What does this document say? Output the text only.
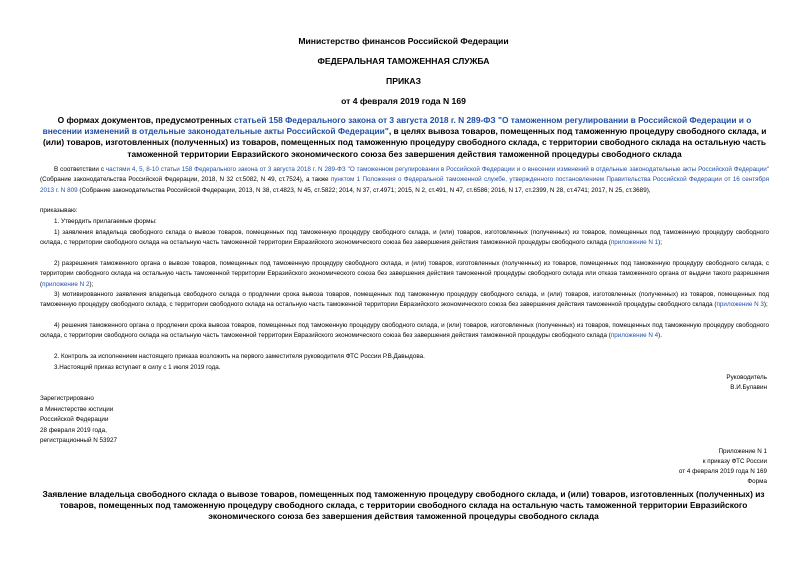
Министерство финансов Российской Федерации
ФЕДЕРАЛЬНАЯ ТАМОЖЕННАЯ СЛУЖБА
ПРИКАЗ
от 4 февраля 2019 года N 169
О формах документов, предусмотренных статьей 158 Федерального закона от 3 августа 2018 г. N 289-ФЗ "О таможенном регулировании в Российской Федерации и о внесении изменений в отдельные законодательные акты Российской Федерации", в целях вывоза товаров, помещенных под таможенную процедуру свободного склада, и (или) товаров, изготовленных (полученных) из товаров, помещенных под таможенную процедуру свободного склада, с территории свободного склада на остальную часть таможенной территории Евразийского экономического союза без завершения действия таможенной процедуры свободного склада
В соответствии с частями 4, 5, 8-10 статьи 158 Федерального закона от 3 августа 2018 г. N 289-ФЗ "О таможенном регулировании в Российской Федерации и о внесении изменений в отдельные законодательные акты Российской Федерации" (Собрание законодательства Российской Федерации, 2018, N 32 ст.5082, N 49, ст.7524), а также пунктом 1 Положения о Федеральной таможенной службе, утвержденного постановлением Правительства Российской Федерации от 16 сентября 2013 г. N 809 (Собрание законодательства Российской Федерации, 2013, N 38, ст.4823, N 45, ст.5822; 2014, N 37, ст.4971; 2015, N 2, ст.491, N 47, ст.6586; 2016, N 17, ст.2399, N 28, ст.4741; 2017, N 25, ст.3689),
приказываю:
1. Утвердить прилагаемые формы:
1) заявления владельца свободного склада о вывозе товаров, помещенных под таможенную процедуру свободного склада, и (или) товаров, изготовленных (полученных) из товаров, помещенных под таможенную процедуру свободного склада, с территории свободного склада на остальную часть таможенной территории Евразийского экономического союза без завершения действия таможенной процедуры свободного склада (приложение N 1);
2) разрешения таможенного органа о вывозе товаров, помещенных под таможенную процедуру свободного склада, и (или) товаров, изготовленных (полученных) из товаров, помещенных под таможенную процедуру свободного склада, с территории свободного склада на остальную часть таможенной территории Евразийского экономического союза без завершения действия таможенной процедуры свободного склада или отказа таможенного органа от выдачи такого разрешения (приложение N 2);
3) мотивированного заявления владельца свободного склада о продлении срока вывоза товаров, помещенных под таможенную процедуру свободного склада, и (или) товаров, изготовленных (полученных) из товаров, помещенных под таможенную процедуру свободного склада, с территории свободного склада на остальную часть таможенной территории Евразийского экономического союза без завершения действия таможенной процедуры свободного склада (приложение N 3);
4) решения таможенного органа о продлении срока вывоза товаров, помещенных под таможенную процедуру свободного склада, и (или) товаров, изготовленных (полученных) из товаров, помещенных под таможенную процедуру свободного склада, с территории свободного склада на остальную часть таможенной территории Евразийского экономического союза без завершения действия таможенной процедуры свободного склада (приложение N 4).
2. Контроль за исполнением настоящего приказа возложить на первого заместителя руководителя ФТС России Р.В.Давыдова.
3.Настоящий приказ вступает в силу с 1 июля 2019 года.
Руководитель
В.И.Булавин
Зарегистрировано
в Министерстве юстиции
Российской Федерации
28 февраля 2019 года,
регистрационный N 53927
Приложение N 1
к приказу ФТС России
от 4 февраля 2019 года N 169
Форма
Заявление владельца свободного склада о вывозе товаров, помещенных под таможенную процедуру свободного склада, и (или) товаров, изготовленных (полученных) из товаров, помещенных под таможенную процедуру свободного склада, с территории свободного склада на остальную часть таможенной территории Евразийского экономического союза без завершения действия таможенной процедуры свободного склада
